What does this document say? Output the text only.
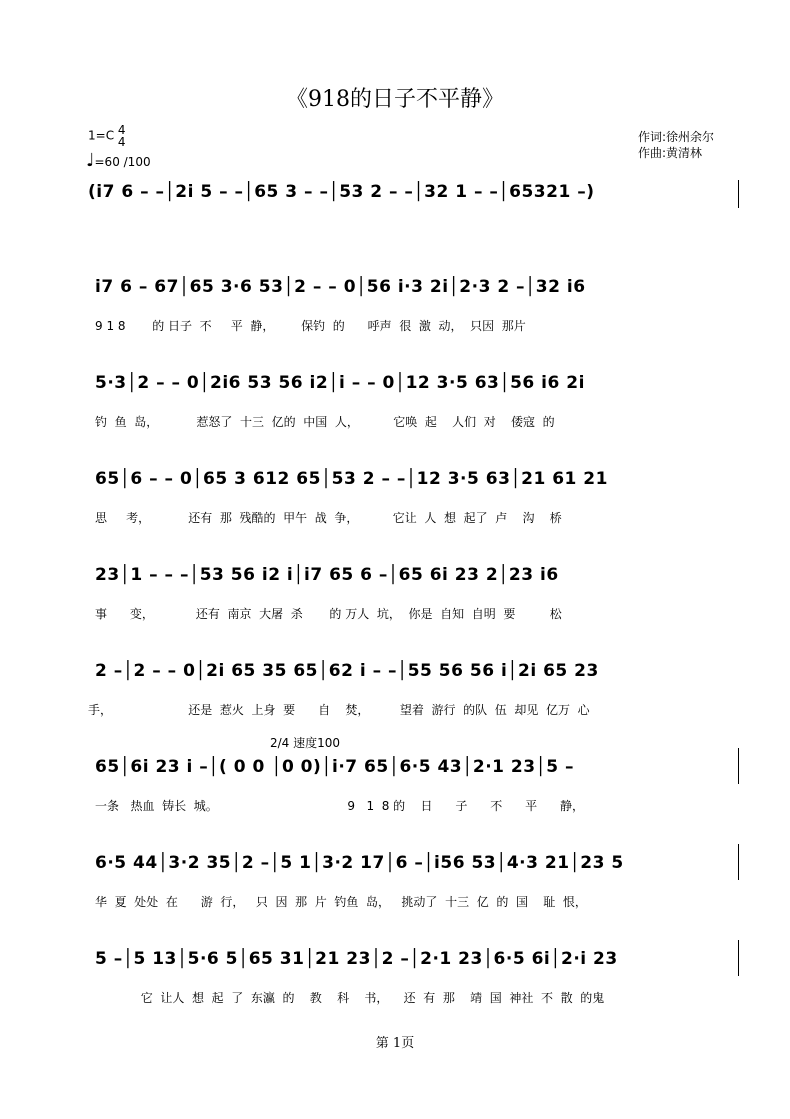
《918的日子不平静》
1=C 4
4
♩=60 /100
作词:徐州余尔
作曲:黄清林
(i7 6 – –│2i 5 – –│65 3 – –│53 2 – –│32 1 – –│65321 –)
i7 6 – 67│65 3·6 53│2 – – 0│56 i·3 2i│2·3 2 –│32 i6
9 1 8       的 日子  不     平  静，       保钓  的      呼声  很  激  动，  只因  那片
5·3│2 – – 0│2i6 53 56 i2│i – – 0│12 3·5 63│56 i6 2i
钓  鱼  岛，          惹怒了  十三  亿的  中国  人，         它唤  起    人们  对    倭寇  的
65│6 – – 0│65 3 612 65│53 2 – –│12 3·5 63│21 61 21
思     考，          还有  那  残酷的  甲午  战  争，         它让  人  想  起了  卢    沟    桥
23│1 – – –│53 56 i2 i│i7 65 6 –│65 6i 23 2│23 i6
事      变，           还有  南京  大屠  杀       的 万人  坑，  你是  自知  自明  要         松
2 –│2 – – 0│2i 65 35 65│62 i – –│55 56 56 i│2i 65 23
手，                    还是  惹火  上身  要      自    焚，        望着  游行  的队  伍  却见  亿万  心
2/4 速度100
65│6i 23 i –│( 0 0 │0 0)│i·7 65│6·5 43│2·1 23│5 –
一条   热血  铸长  城。                                  9   1  8 的    日      子      不      平      静，
6·5 44│3·2 35│2 –│5 1│3·2 17│6 –│i56 53│4·3 21│23 5
华  夏  处处  在      游  行，   只  因  那  片  钓鱼  岛，   挑动了  十三  亿  的  国    耻  恨，
5 –│5 13│5·6 5│65 31│21 23│2 –│2·1 23│6·5 6i│2·i 23
它  让人  想  起  了  东瀛  的    教    科    书，    还  有  那    靖  国  神社  不  散  的鬼
第 1页
